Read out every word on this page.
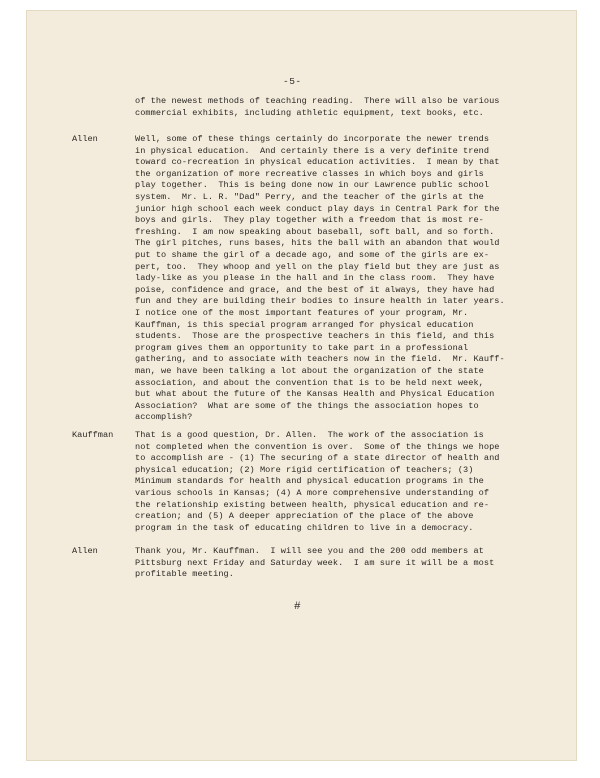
-5-
of the newest methods of teaching reading.  There will also be various
commercial exhibits, including athletic equipment, text books, etc.
Allen	Well, some of these things certainly do incorporate the newer trends
in physical education.  And certainly there is a very definite trend
toward co-recreation in physical education activities.  I mean by that
the organization of more recreative classes in which boys and girls
play together.  This is being done now in our Lawrence public school
system.  Mr. L. R. "Dad" Perry, and the teacher of the girls at the
junior high school each week conduct play days in Central Park for the
boys and girls.  They play together with a freedom that is most re-
freshing.  I am now speaking about baseball, soft ball, and so forth.
The girl pitches, runs bases, hits the ball with an abandon that would
put to shame the girl of a decade ago, and some of the girls are ex-
pert, too.  They whoop and yell on the play field but they are just as
lady-like as you please in the hall and in the class room.  They have
poise, confidence and grace, and the best of it always, they have had
fun and they are building their bodies to insure health in later years.
I notice one of the most important features of your program, Mr.
Kauffman, is this special program arranged for physical education
students.  Those are the prospective teachers in this field, and this
program gives them an opportunity to take part in a professional
gathering, and to associate with teachers now in the field.  Mr. Kauff-
man, we have been talking a lot about the organization of the state
association, and about the convention that is to be held next week,
but what about the future of the Kansas Health and Physical Education
Association?  What are some of the things the association hopes to
accomplish?
Kauffman	That is a good question, Dr. Allen.  The work of the association is
not completed when the convention is over.  Some of the things we hope
to accomplish are - (1) The securing of a state director of health and
physical education; (2) More rigid certification of teachers; (3)
Minimum standards for health and physical education programs in the
various schools in Kansas; (4) A more comprehensive understanding of
the relationship existing between health, physical education and re-
creation; and (5) A deeper appreciation of the place of the above
program in the task of educating children to live in a democracy.
Allen	Thank you, Mr. Kauffman.  I will see you and the 200 odd members at
Pittsburg next Friday and Saturday week.  I am sure it will be a most
profitable meeting.
#
